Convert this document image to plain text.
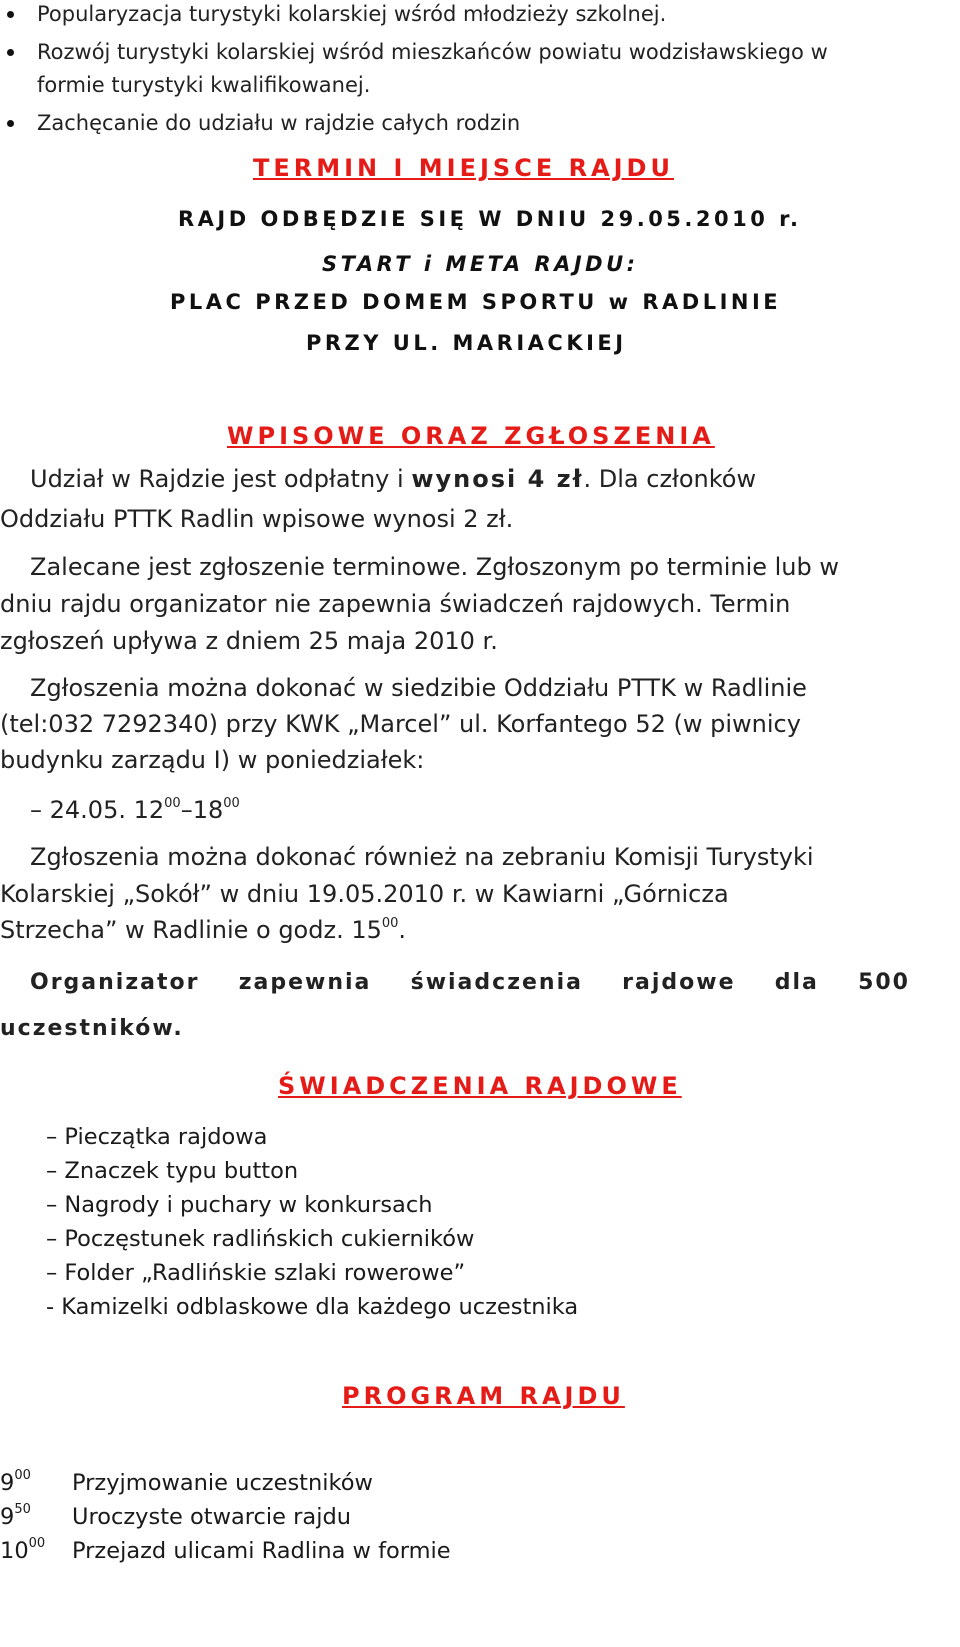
Popularyzacja turystyki kolarskiej wśród młodzieży szkolnej.
Rozwój turystyki kolarskiej wśród mieszkańców powiatu wodzisławskiego w
formie turystyki kwalifikowanej.
Zachęcanie do udziału w rajdzie całych rodzin
TERMIN I MIEJSCE RAJDU
RAJD ODBĘDZIE SIĘ W DNIU 29.05.2010 r.
START i META RAJDU:
PLAC PRZED DOMEM SPORTU w RADLINIE
PRZY UL. MARIACKIEJ
WPISOWE ORAZ ZGŁOSZENIA
Udział w Rajdzie jest odpłatny i wynosi 4 zł. Dla członków
Oddziału PTTK Radlin wpisowe wynosi 2 zł.
Zalecane jest zgłoszenie terminowe. Zgłoszonym po terminie lub w
dniu rajdu organizator nie zapewnia świadczeń rajdowych. Termin
zgłoszeń upływa z dniem 25 maja 2010 r.
Zgłoszenia można dokonać w siedzibie Oddziału PTTK w Radlinie
(tel:032 7292340) przy KWK „Marcel” ul. Korfantego 52 (w piwnicy
budynku zarządu I) w poniedziałek:
– 24.05. $12^{00}-18^{00}$
Zgłoszenia można dokonać również na zebraniu Komisji Turystyki
Kolarskiej „Sokół” w dniu 19.05.2010 r. w Kawiarni „Górnicza
Strzecha” w Radlinie o godz. $15^{00}$.
Organizator zapewnia świadczenia rajdowe dla 500
uczestników.
ŚWIADCZENIA RAJDOWE
– Pieczątka rajdowa
– Znaczek typu button
– Nagrody i puchary w konkursach
– Poczęstunek radlińskich cukierników
– Folder „Radlińskie szlaki rowerowe”
- Kamizelki odblaskowe dla każdego uczestnika
PROGRAM RAJDU
$9^{00}$ Przyjmowanie uczestników
$9^{50}$ Uroczyste otwarcie rajdu
$10^{00}$ Przejazd ulicami Radlina w formie
